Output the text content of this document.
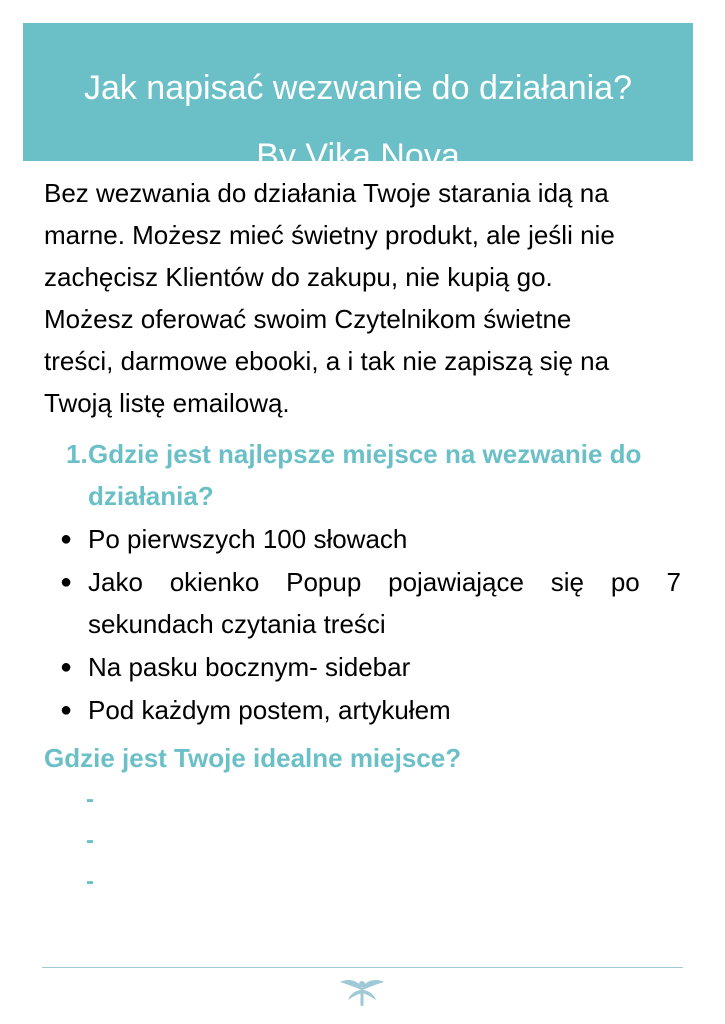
Jak napisać wezwanie do działania?
By Vika Nova

Bez wezwania do działania Twoje starania idą na

marne. Możesz mieć świetny produkt, ale jeśli nie

zachęcisz Klientów do zakupu, nie kupią go.

Możesz oferować swoim Czytelnikom świetne

treści, darmowe ebooki, a i tak nie zapiszą się na

Twoją listę emailową.

1. Gdzie jest najlepsze miejsce na wezwanie do działania?
● Po pierwszych 100 słowach
● Jako okienko Popup pojawiające się po 7 sekundach czytania treści
● Na pasku bocznym- sidebar
● Pod każdym postem, artykułem
Gdzie jest Twoje idealne miejsce?
-
-
-
